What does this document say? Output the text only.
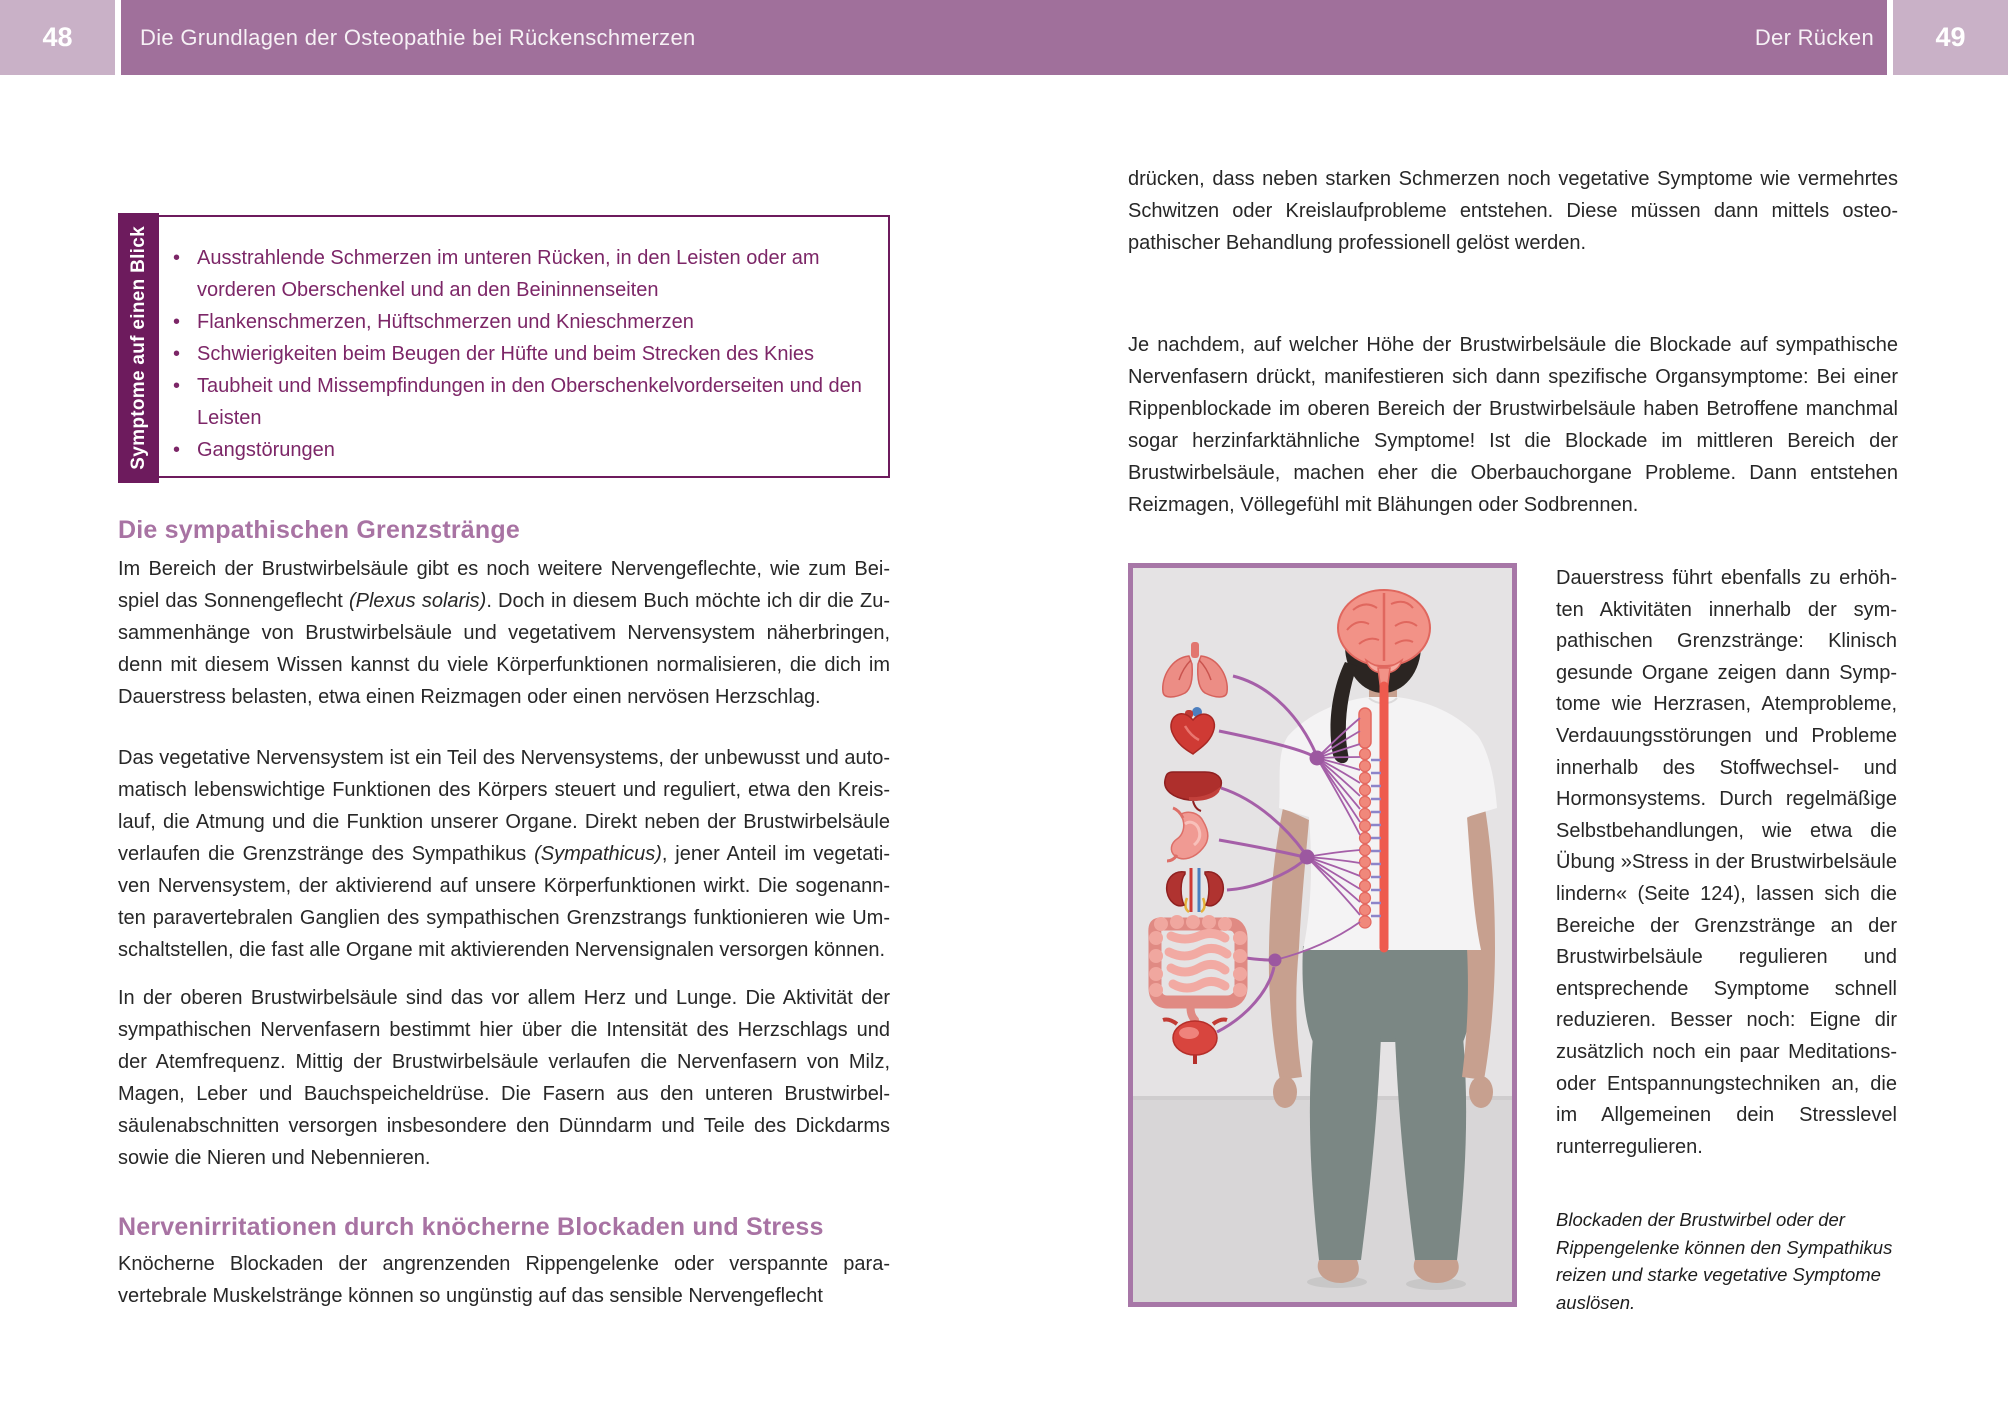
48	Die Grundlagen der Osteopathie bei Rückenschmerzen	Der Rücken	49
• Ausstrahlende Schmerzen im unteren Rücken, in den Leisten oder am vorderen Oberschenkel und an den Beininnenseiten
• Flankenschmerzen, Hüftschmerzen und Knieschmerzen
• Schwierigkeiten beim Beugen der Hüfte und beim Strecken des Knies
• Taubheit und Missempfindungen in den Oberschenkelvorderseiten und den Leisten
• Gangstörungen
Symptome auf einen Blick
Die sympathischen Grenzstränge
Im Bereich der Brustwirbelsäule gibt es noch weitere Nervengeflechte, wie zum Beispiel das Sonnengeflecht (Plexus solaris). Doch in diesem Buch möchte ich dir die Zusammenhänge von Brustwirbelsäule und vegetativem Nervensystem näherbringen, denn mit diesem Wissen kannst du viele Körperfunktionen normalisieren, die dich im Dauerstress belasten, etwa einen Reizmagen oder einen nervösen Herzschlag.
Das vegetative Nervensystem ist ein Teil des Nervensystems, der unbewusst und automatisch lebenswichtige Funktionen des Körpers steuert und reguliert, etwa den Kreislauf, die Atmung und die Funktion unserer Organe. Direkt neben der Brustwirbelsäule verlaufen die Grenzstränge des Sympathikus (Sympathicus), jener Anteil im vegetativen Nervensystem, der aktivierend auf unsere Körperfunktionen wirkt. Die sogenannten paravertebralen Ganglien des sympathischen Grenzstrangs funktionieren wie Umschaltstellen, die fast alle Organe mit aktivierenden Nervensignalen versorgen können.
In der oberen Brustwirbelsäule sind das vor allem Herz und Lunge. Die Aktivität der sympathischen Nervenfasern bestimmt hier über die Intensität des Herzschlags und der Atemfrequenz. Mittig der Brustwirbelsäule verlaufen die Nervenfasern von Milz, Magen, Leber und Bauchspeicheldrüse. Die Fasern aus den unteren Brustwirbelsäulenabschnitten versorgen insbesondere den Dünndarm und Teile des Dickdarms sowie die Nieren und Nebennieren.
Nervenirritationen durch knöcherne Blockaden und Stress
Knöcherne Blockaden der angrenzenden Rippengelenke oder verspannte paravertebrale Muskelstränge können so ungünstig auf das sensible Nervengeflecht
drücken, dass neben starken Schmerzen noch vegetative Symptome wie vermehrtes Schwitzen oder Kreislaufprobleme entstehen. Diese müssen dann mittels osteopathischer Behandlung professionell gelöst werden.
Je nachdem, auf welcher Höhe der Brustwirbelsäule die Blockade auf sympathische Nervenfasern drückt, manifestieren sich dann spezifische Organsymptome: Bei einer Rippenblockade im oberen Bereich der Brustwirbelsäule haben Betroffene manchmal sogar herzinfarktähnliche Symptome! Ist die Blockade im mittleren Bereich der Brustwirbelsäule, machen eher die Oberbauchorgane Probleme. Dann entstehen Reizmagen, Völlegefühl mit Blähungen oder Sodbrennen.
Dauerstress führt ebenfalls zu erhöhten Aktivitäten innerhalb der sympathischen Grenzstränge: Klinisch gesunde Organe zeigen dann Symptome wie Herzrasen, Atemprobleme, Verdauungsstörungen und Probleme innerhalb des Stoffwechsel- und Hormonsystems. Durch regelmäßige Selbstbehandlungen, wie etwa die Übung »Stress in der Brustwirbelsäule lindern« (Seite 124), lassen sich die Bereiche der Grenzstränge an der Brustwirbelsäule regulieren und entsprechende Symptome schnell reduzieren. Besser noch: Eigne dir zusätzlich noch ein paar Meditations- oder Entspannungstechniken an, die im Allgemeinen dein Stresslevel runterregulieren.
Blockaden der Brustwirbel oder der Rippengelenke können den Sympathikus reizen und starke vegetative Symptome auslösen.
